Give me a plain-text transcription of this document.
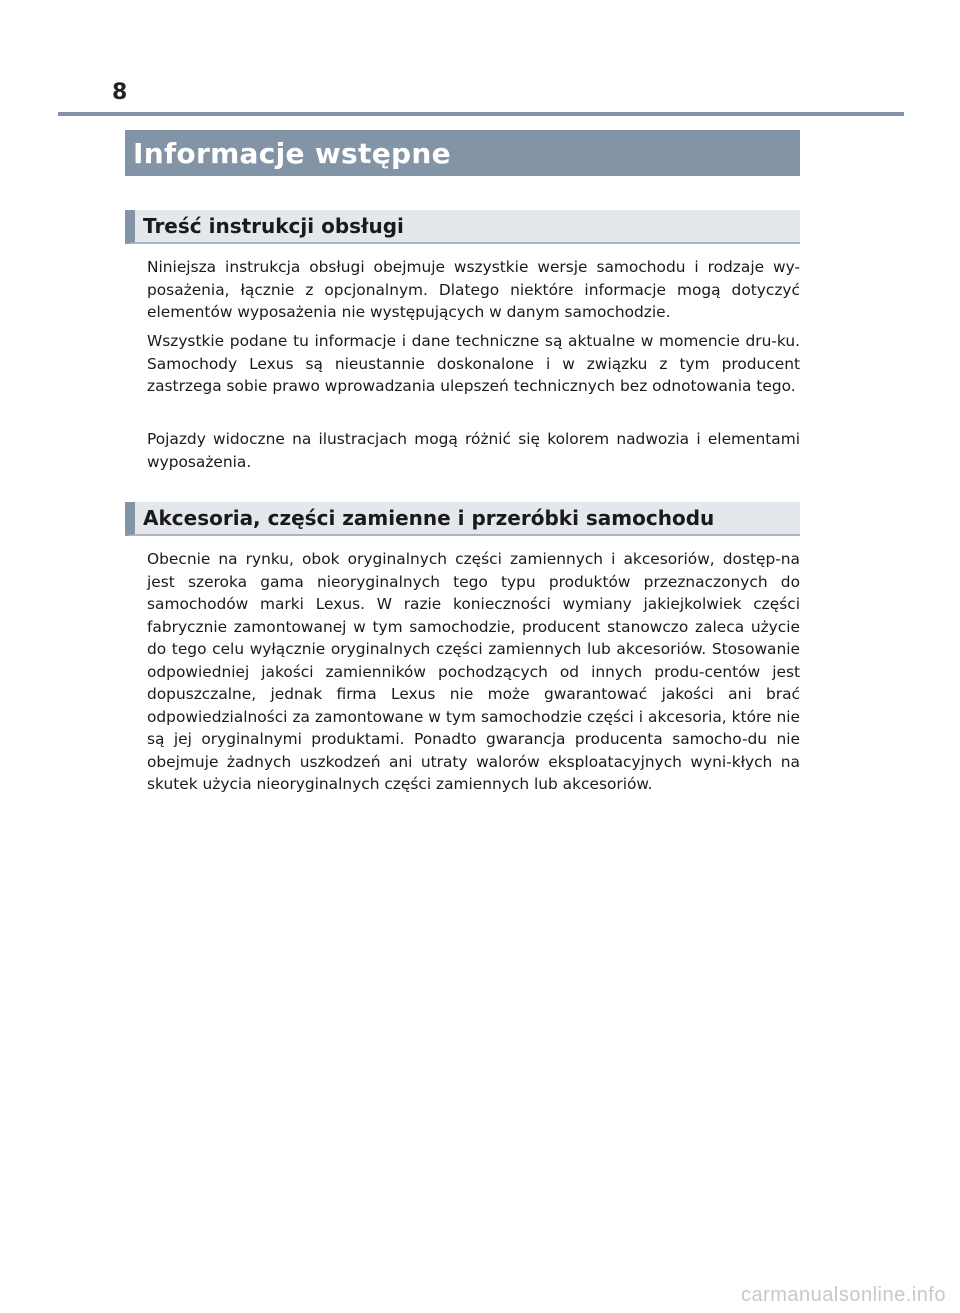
8
Informacje wstępne
Treść instrukcji obsługi

Niniejsza instrukcja obsługi obejmuje wszystkie wersje samochodu i rodzaje wy-posażenia, łącznie z opcjonalnym. Dlatego niektóre informacje mogą dotyczyć elementów wyposażenia nie występujących w danym samochodzie.

Wszystkie podane tu informacje i dane techniczne są aktualne w momencie dru-ku. Samochody Lexus są nieustannie doskonalone i w związku z tym producent zastrzega sobie prawo wprowadzania ulepszeń technicznych bez odnotowania tego.

Pojazdy widoczne na ilustracjach mogą różnić się kolorem nadwozia i elementami wyposażenia.

Akcesoria, części zamienne i przeróbki samochodu

Obecnie na rynku, obok oryginalnych części zamiennych i akcesoriów, dostęp-na jest szeroka gama nieoryginalnych tego typu produktów przeznaczonych do samochodów marki Lexus. W razie konieczności wymiany jakiejkolwiek części fabrycznie zamontowanej w tym samochodzie, producent stanowczo zaleca użycie do tego celu wyłącznie oryginalnych części zamiennych lub akcesoriów. Stosowanie odpowiedniej jakości zamienników pochodzących od innych produ-centów jest dopuszczalne, jednak firma Lexus nie może gwarantować jakości ani brać odpowiedzialności za zamontowane w tym samochodzie części i akcesoria, które nie są jej oryginalnymi produktami. Ponadto gwarancja producenta samocho-du nie obejmuje żadnych uszkodzeń ani utraty walorów eksploatacyjnych wyni-kłych na skutek użycia nieoryginalnych części zamiennych lub akcesoriów.

carmanualsonline.info
